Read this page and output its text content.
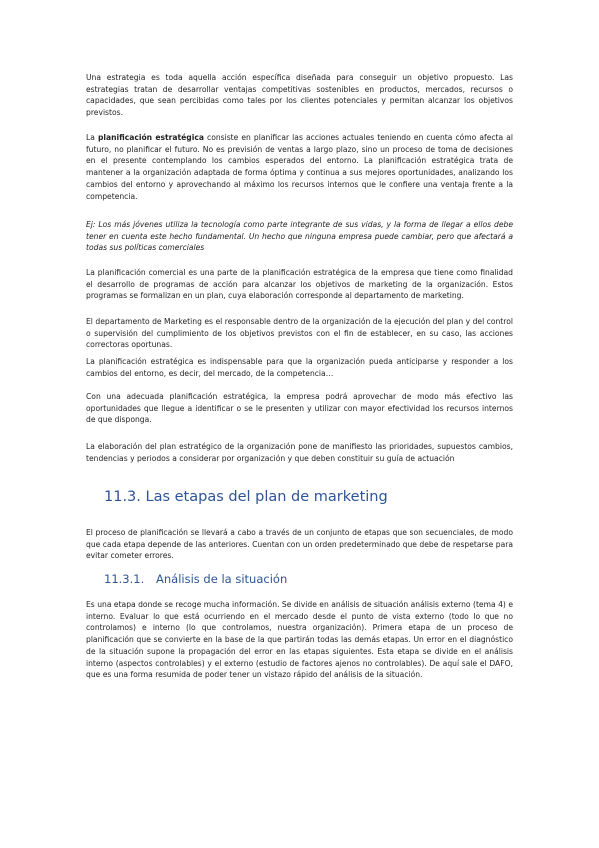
Una estrategia es toda aquella acción específica diseñada para conseguir un objetivo propuesto. Las estrategias tratan de desarrollar ventajas competitivas sostenibles en productos, mercados, recursos o capacidades, que sean percibidas como tales por los clientes potenciales y permitan alcanzar los objetivos previstos.

La planificación estratégica consiste en planificar las acciones actuales teniendo en cuenta cómo afecta al futuro, no planificar el futuro. No es previsión de ventas a largo plazo, sino un proceso de toma de decisiones en el presente contemplando los cambios esperados del entorno. La planificación estratégica trata de mantener a la organización adaptada de forma óptima y continua a sus mejores oportunidades, analizando los cambios del entorno y aprovechando al máximo los recursos internos que le confiere una ventaja frente a la competencia.

Ej: Los más jóvenes utiliza la tecnología como parte integrante de sus vidas, y la forma de llegar a ellos debe tener en cuenta este hecho fundamental. Un hecho que ninguna empresa puede cambiar, pero que afectará a todas sus políticas comerciales

La planificación comercial es una parte de la planificación estratégica de la empresa que tiene como finalidad el desarrollo de programas de acción para alcanzar los objetivos de marketing de la organización. Estos programas se formalizan en un plan, cuya elaboración corresponde al departamento de marketing.

El departamento de Marketing es el responsable dentro de la organización de la ejecución del plan y del control o supervisión del cumplimiento de los objetivos previstos con el fin de establecer, en su caso, las acciones correctoras oportunas.

La planificación estratégica es indispensable para que la organización pueda anticiparse y responder a los cambios del entorno, es decir, del mercado, de la competencia…

Con una adecuada planificación estratégica, la empresa podrá aprovechar de modo más efectivo las oportunidades que llegue a identificar o se le presenten y utilizar con mayor efectividad los recursos internos de que disponga.

La elaboración del plan estratégico de la organización pone de manifiesto las prioridades, supuestos cambios, tendencias y periodos a considerar por organización y que deben constituir su guía de actuación

11.3. Las etapas del plan de marketing

El proceso de planificación se llevará a cabo a través de un conjunto de etapas que son secuenciales, de modo que cada etapa depende de las anteriores. Cuentan con un orden predeterminado que debe de respetarse para evitar cometer errores.

11.3.1. Análisis de la situación

Es una etapa donde se recoge mucha información. Se divide en análisis de situación análisis externo (tema 4) e interno. Evaluar lo que está ocurriendo en el mercado desde el punto de vista externo (todo lo que no controlamos) e interno (lo que controlamos, nuestra organización). Primera etapa de un proceso de planificación que se convierte en la base de la que partirán todas las demás etapas. Un error en el diagnóstico de la situación supone la propagación del error en las etapas siguientes. Esta etapa se divide en el análisis interno (aspectos controlables) y el externo (estudio de factores ajenos no controlables). De aquí sale el DAFO, que es una forma resumida de poder tener un vistazo rápido del análisis de la situación.
